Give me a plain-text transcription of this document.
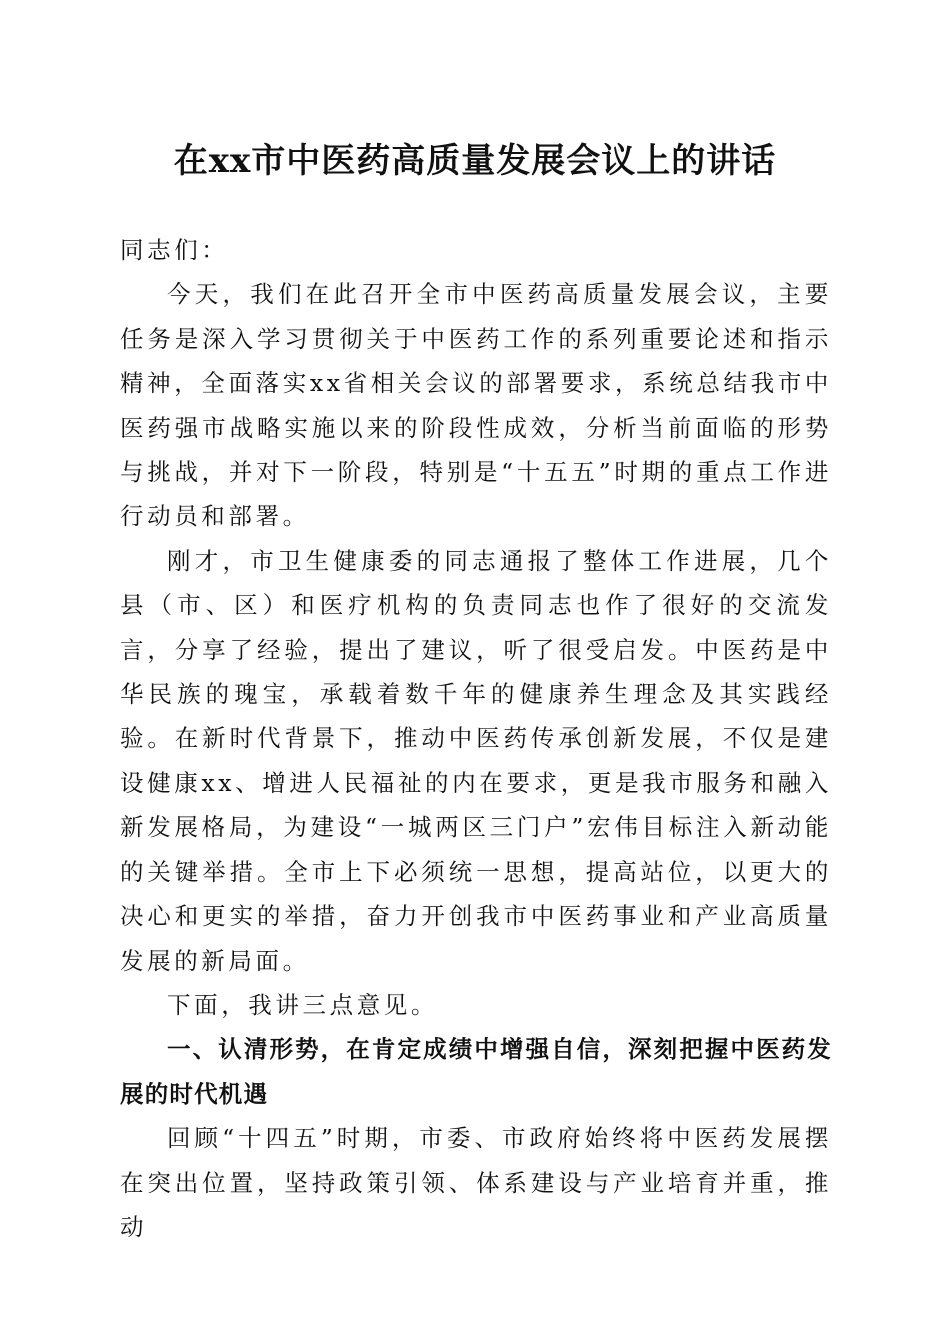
在xx市中医药高质量发展会议上的讲话

同志们：

今天，我们在此召开全市中医药高质量发展会议，主要任务是深入学习贯彻关于中医药工作的系列重要论述和指示精神，全面落实xx省相关会议的部署要求，系统总结我市中医药强市战略实施以来的阶段性成效，分析当前面临的形势与挑战，并对下一阶段，特别是“十五五”时期的重点工作进行动员和部署。

刚才，市卫生健康委的同志通报了整体工作进展，几个县（市、区）和医疗机构的负责同志也作了很好的交流发言，分享了经验，提出了建议，听了很受启发。中医药是中华民族的瑰宝，承载着数千年的健康养生理念及其实践经验。在新时代背景下，推动中医药传承创新发展，不仅是建设健康xx、增进人民福祉的内在要求，更是我市服务和融入新发展格局，为建设“一城两区三门户”宏伟目标注入新动能的关键举措。全市上下必须统一思想，提高站位，以更大的决心和更实的举措，奋力开创我市中医药事业和产业高质量发展的新局面。

下面，我讲三点意见。

一、认清形势，在肯定成绩中增强自信，深刻把握中医药发展的时代机遇

回顾“十四五”时期，市委、市政府始终将中医药发展摆在突出位置，坚持政策引领、体系建设与产业培育并重，推动
